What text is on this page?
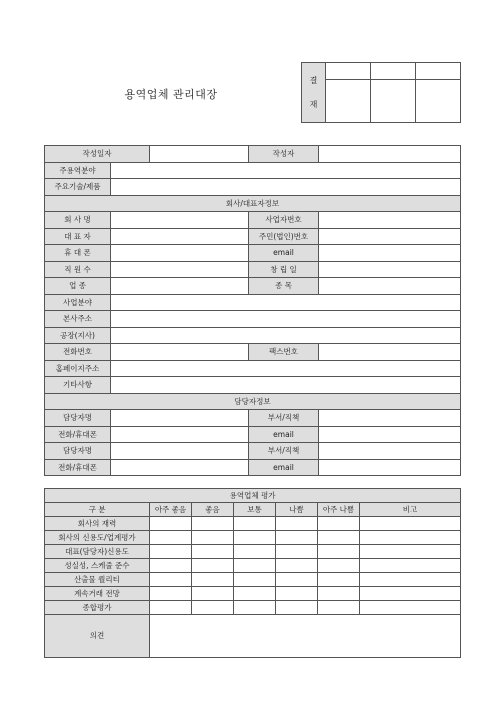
용역업체 관리대장
결
재			

작성일자			작성자	
주용역분야				
주요기술/제품				
회사/대표자정보				
회 사 명			사업자번호	
대 표 자			주민(법인)번호	
휴 대 폰			email	
직 원 수			창 립 일	
업 종			종 목	
사업분야				
본사주소				
공장(지사)				
전화번호			팩스번호	
홈페이지주소				
기타사항				
담당자정보				
담당자명			부서/직책	
전화/휴대폰			email	
담당자명			부서/직책	
전화/휴대폰			email	
용역업체 평가						
구 분	아주 좋음	좋음	보통	나쁨	아주 나쁨	비고
회사의 재력						
회사의 신용도/업계평가						
대표(담당자)신용도						
성실성, 스케줄 준수						
산출물 퀄리티						
계속거래 전망						
종합평가						
의견						
